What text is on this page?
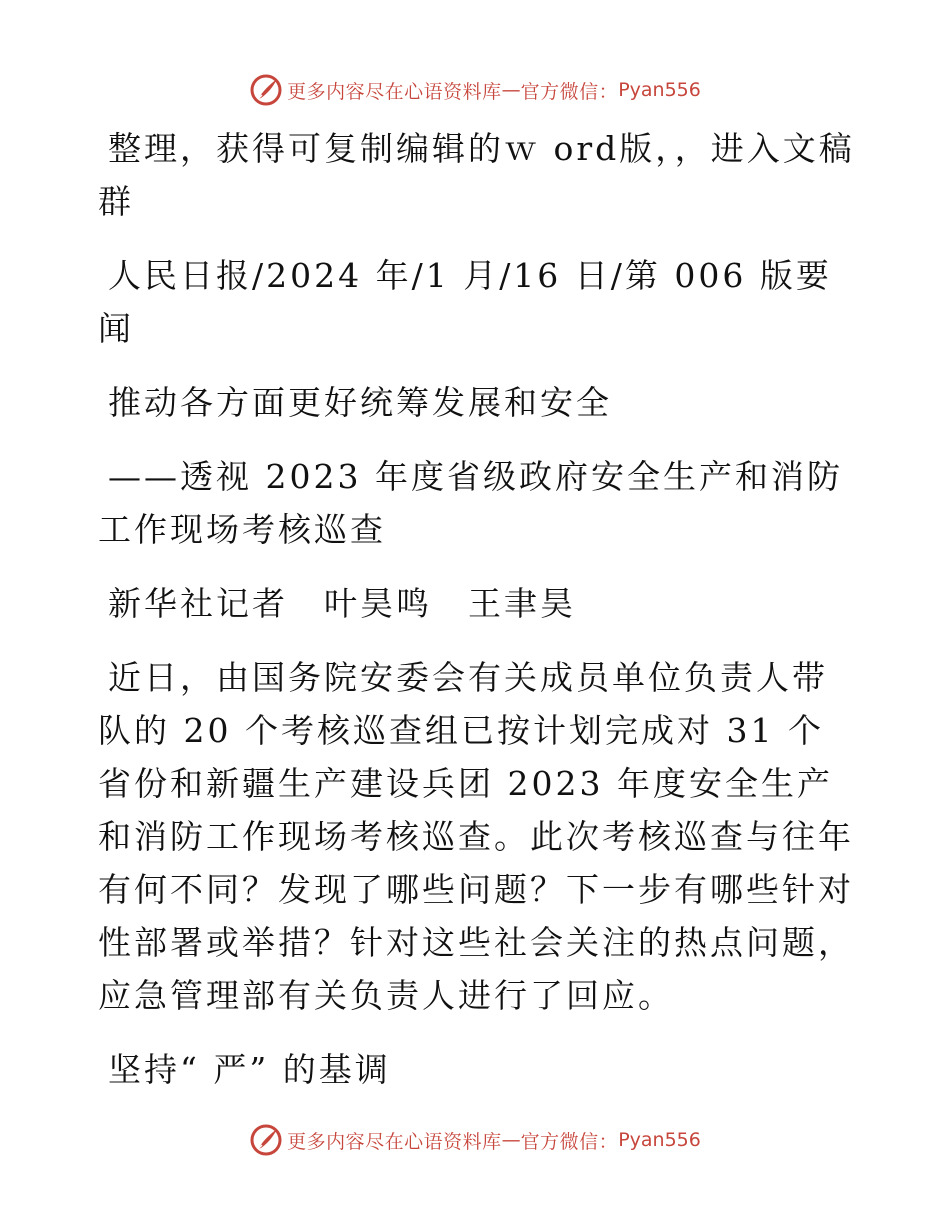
更多内容尽在心语资料库 — 官方微信： Pyan556

整理，获得可复制编辑的ｗ ord版，，进入文稿群

人民日报/2024 年/1 月/16 日/第 006 版要闻

推动各方面更好统筹发展和安全

——透视 2023 年度省级政府安全生产和消防工作现场考核巡查

新华社记者　叶昊鸣　王聿昊

近日，由国务院安委会有关成员单位负责人带队的 20 个考核巡查组已按计划完成对 31 个省份和新疆生产建设兵团 2023 年度安全生产和消防工作现场考核巡查。此次考核巡查与往年有何不同？发现了哪些问题？下一步有哪些针对性部署或举措？针对这些社会关注的热点问题，应急管理部有关负责人进行了回应。

坚持“ 严” 的基调

更多内容尽在心语资料库 — 官方微信： Pyan556
